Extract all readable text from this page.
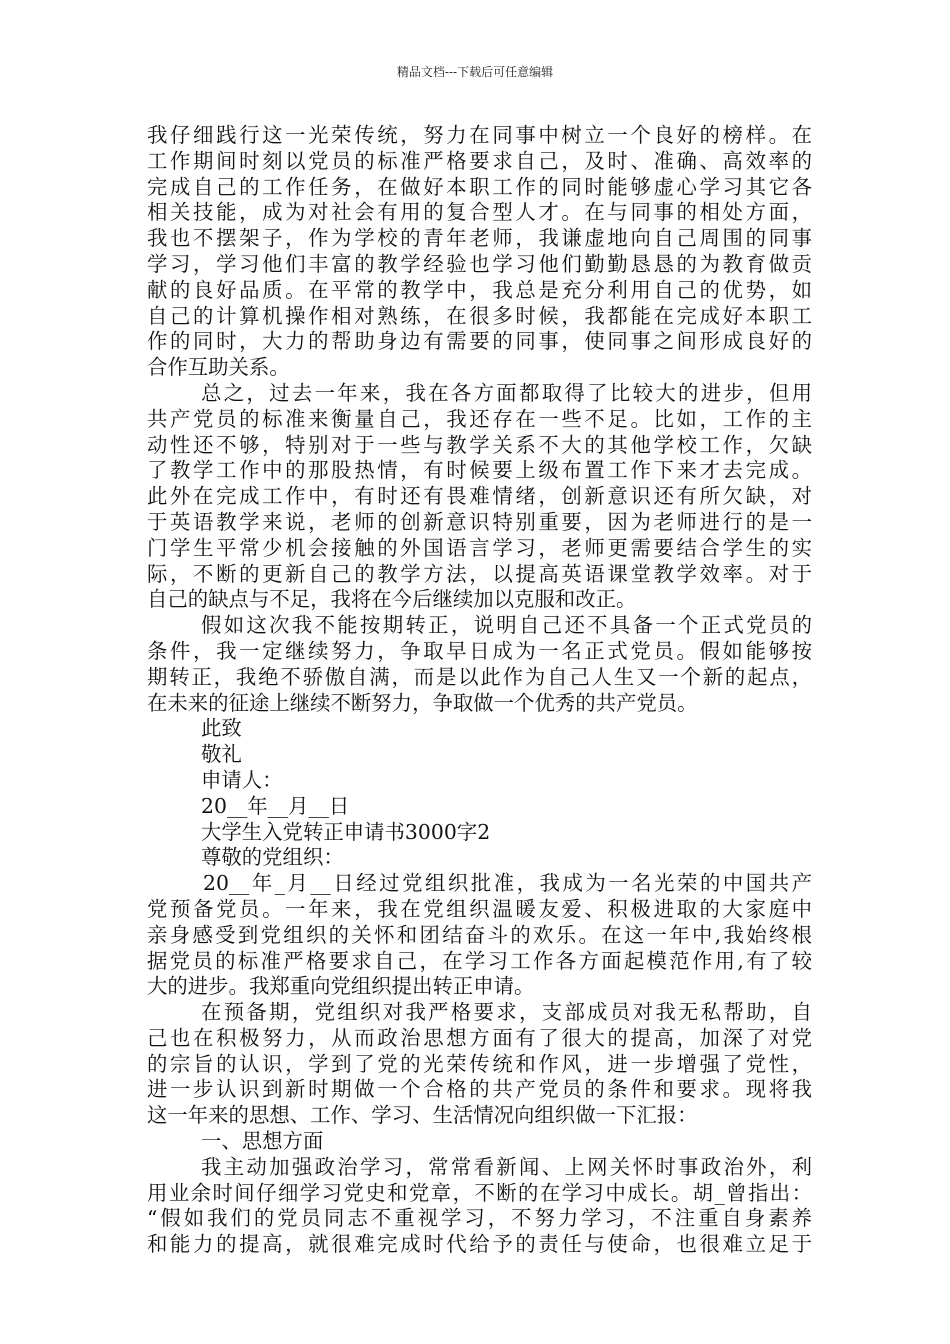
精品文档---下载后可任意编辑
我仔细践行这一光荣传统，努力在同事中树立一个良好的榜样。在
工作期间时刻以党员的标准严格要求自己，及时、准确、高效率的
完成自己的工作任务，在做好本职工作的同时能够虚心学习其它各
相关技能，成为对社会有用的复合型人才。在与同事的相处方面，
我也不摆架子，作为学校的青年老师，我谦虚地向自己周围的同事
学习，学习他们丰富的教学经验也学习他们勤勤恳恳的为教育做贡
献的良好品质。在平常的教学中，我总是充分利用自己的优势，如
自己的计算机操作相对熟练，在很多时候，我都能在完成好本职工
作的同时，大力的帮助身边有需要的同事，使同事之间形成良好的
合作互助关系。
总之，过去一年来，我在各方面都取得了比较大的进步，但用
共产党员的标准来衡量自己，我还存在一些不足。比如，工作的主
动性还不够，特别对于一些与教学关系不大的其他学校工作，欠缺
了教学工作中的那股热情，有时候要上级布置工作下来才去完成。
此外在完成工作中，有时还有畏难情绪，创新意识还有所欠缺，对
于英语教学来说，老师的创新意识特别重要，因为老师进行的是一
门学生平常少机会接触的外国语言学习，老师更需要结合学生的实
际，不断的更新自己的教学方法，以提高英语课堂教学效率。对于
自己的缺点与不足，我将在今后继续加以克服和改正。
假如这次我不能按期转正，说明自己还不具备一个正式党员的
条件，我一定继续努力，争取早日成为一名正式党员。假如能够按
期转正，我绝不骄傲自满，而是以此作为自己人生又一个新的起点，
在未来的征途上继续不断努力，争取做一个优秀的共产党员。
此致
敬礼
申请人：
20__年__月__日
大学生入党转正申请书3000字2
尊敬的党组织：
20__年_月__日经过党组织批准，我成为一名光荣的中国共产
党预备党员。一年来，我在党组织温暖友爱、积极进取的大家庭中
亲身感受到党组织的关怀和团结奋斗的欢乐。在这一年中,我始终根
据党员的标准严格要求自己，在学习工作各方面起模范作用,有了较
大的进步。我郑重向党组织提出转正申请。
在预备期，党组织对我严格要求，支部成员对我无私帮助，自
己也在积极努力，从而政治思想方面有了很大的提高，加深了对党
的宗旨的认识，学到了党的光荣传统和作风，进一步增强了党性，
进一步认识到新时期做一个合格的共产党员的条件和要求。现将我
这一年来的思想、工作、学习、生活情况向组织做一下汇报：
一、思想方面
我主动加强政治学习，常常看新闻、上网关怀时事政治外，利
用业余时间仔细学习党史和党章，不断的在学习中成长。胡_曾指出：
“假如我们的党员同志不重视学习，不努力学习，不注重自身素养
和能力的提高，就很难完成时代给予的责任与使命，也很难立足于
